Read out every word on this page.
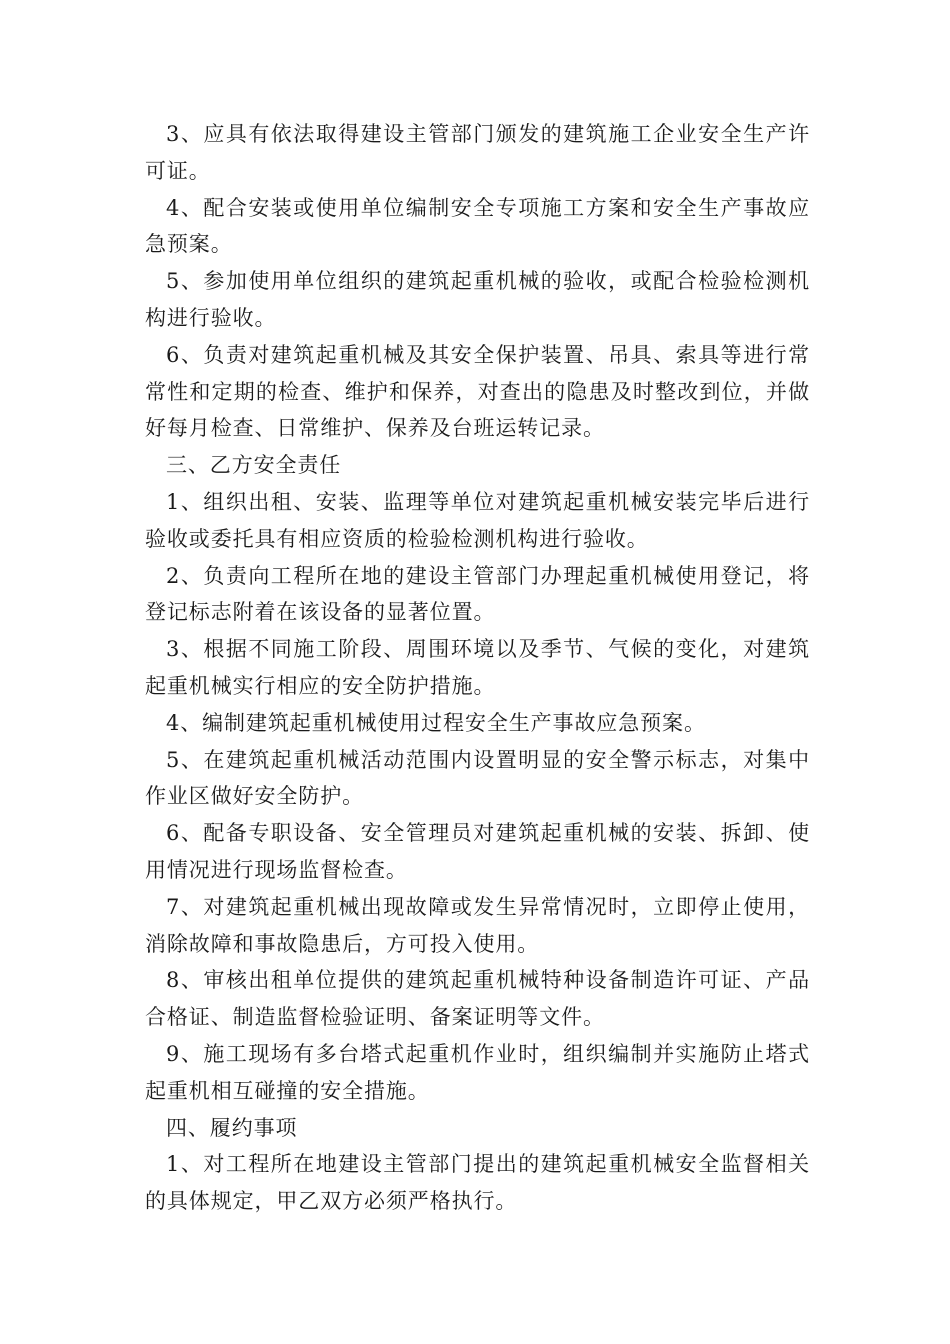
3、应具有依法取得建设主管部门颁发的建筑施工企业安全生产许可证。

4、配合安装或使用单位编制安全专项施工方案和安全生产事故应急预案。

5、参加使用单位组织的建筑起重机械的验收，或配合检验检测机构进行验收。

6、负责对建筑起重机械及其安全保护装置、吊具、索具等进行常常性和定期的检查、维护和保养，对查出的隐患及时整改到位，并做好每月检查、日常维护、保养及台班运转记录。

三、乙方安全责任

1、组织出租、安装、监理等单位对建筑起重机械安装完毕后进行验收或委托具有相应资质的检验检测机构进行验收。

2、负责向工程所在地的建设主管部门办理起重机械使用登记，将登记标志附着在该设备的显著位置。

3、根据不同施工阶段、周围环境以及季节、气候的变化，对建筑起重机械实行相应的安全防护措施。

4、编制建筑起重机械使用过程安全生产事故应急预案。

5、在建筑起重机械活动范围内设置明显的安全警示标志，对集中作业区做好安全防护。

6、配备专职设备、安全管理员对建筑起重机械的安装、拆卸、使用情况进行现场监督检查。

7、对建筑起重机械出现故障或发生异常情况时，立即停止使用，消除故障和事故隐患后，方可投入使用。

8、审核出租单位提供的建筑起重机械特种设备制造许可证、产品合格证、制造监督检验证明、备案证明等文件。

9、施工现场有多台塔式起重机作业时，组织编制并实施防止塔式起重机相互碰撞的安全措施。

四、履约事项

1、对工程所在地建设主管部门提出的建筑起重机械安全监督相关的具体规定，甲乙双方必须严格执行。
